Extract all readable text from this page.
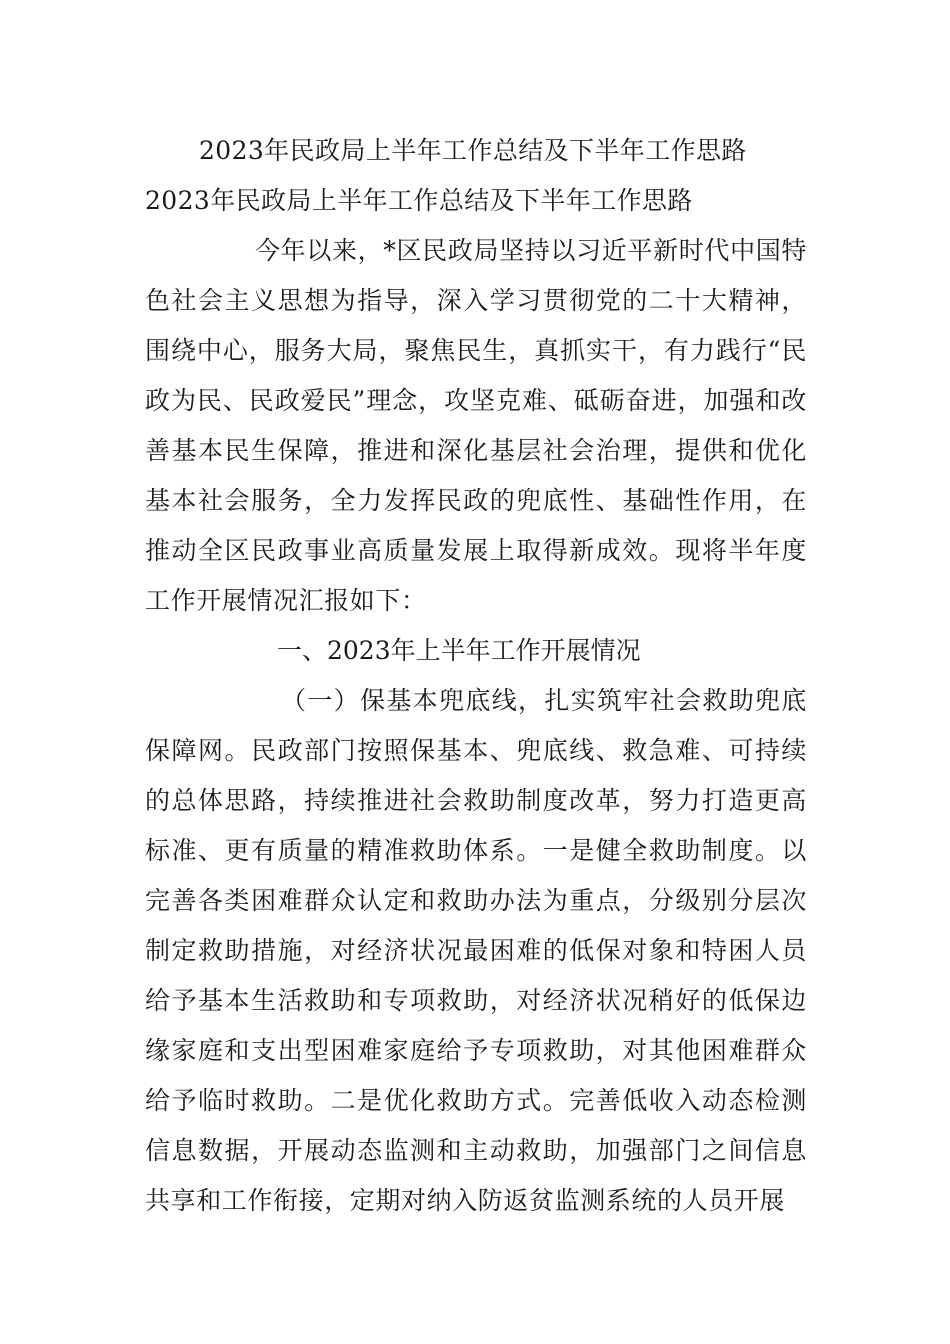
2023年民政局上半年工作总结及下半年工作思路
2023年民政局上半年工作总结及下半年工作思路

今年以来，*区民政局坚持以习近平新时代中国特色社会主义思想为指导，深入学习贯彻党的二十大精神，围绕中心，服务大局，聚焦民生，真抓实干，有力践行“民政为民、民政爱民”理念，攻坚克难、砥砺奋进，加强和改善基本民生保障，推进和深化基层社会治理，提供和优化基本社会服务，全力发挥民政的兜底性、基础性作用，在推动全区民政事业高质量发展上取得新成效。现将半年度工作开展情况汇报如下：

一、2023年上半年工作开展情况

（一）保基本兜底线，扎实筑牢社会救助兜底保障网。民政部门按照保基本、兜底线、救急难、可持续的总体思路，持续推进社会救助制度改革，努力打造更高标准、更有质量的精准救助体系。一是健全救助制度。以完善各类困难群众认定和救助办法为重点，分级别分层次制定救助措施，对经济状况最困难的低保对象和特困人员给予基本生活救助和专项救助，对经济状况稍好的低保边缘家庭和支出型困难家庭给予专项救助，对其他困难群众给予临时救助。二是优化救助方式。完善低收入动态检测信息数据，开展动态监测和主动救助，加强部门之间信息共享和工作衔接，定期对纳入防返贫监测系统的人员开展
